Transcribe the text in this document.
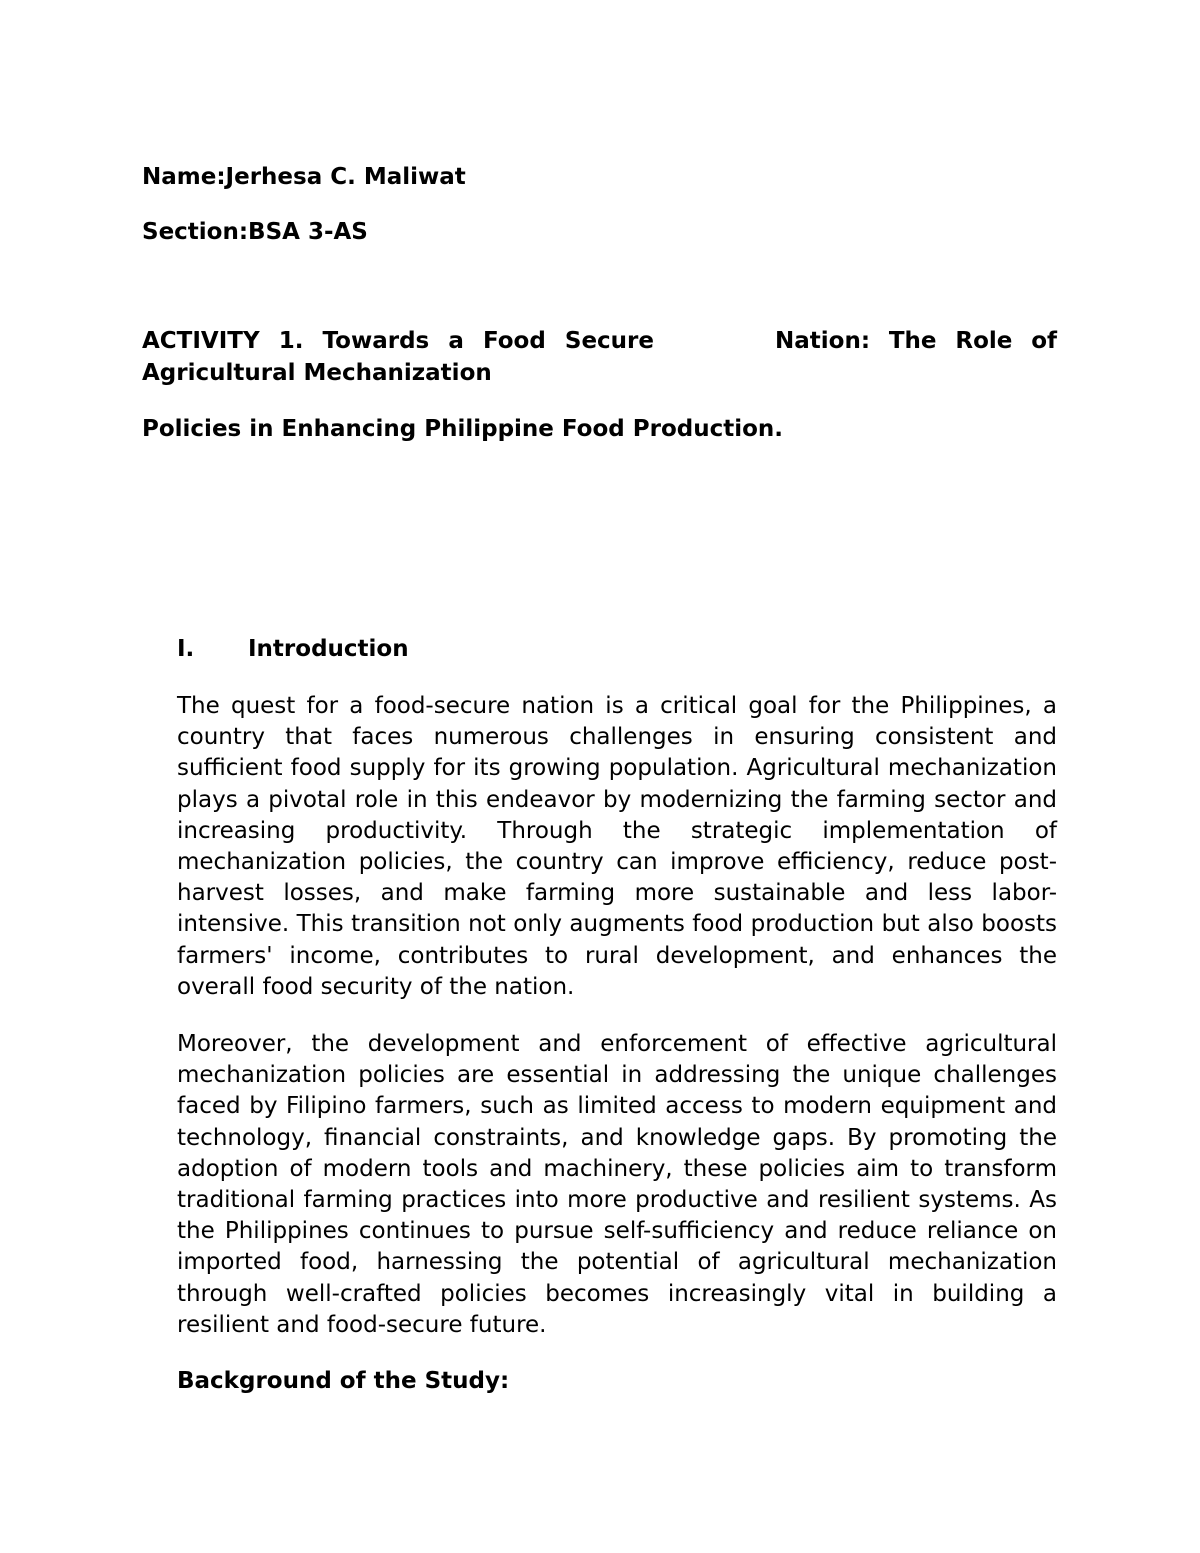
Name:Jerhesa C. Maliwat
Section:BSA 3-AS
ACTIVITY 1. Towards a Food Secure	Nation: The Role of
Agricultural Mechanization
Policies in Enhancing Philippine Food Production.
I. Introduction

The quest for a food-secure nation is a critical goal for the Philippines, a country that faces numerous challenges in ensuring consistent and sufficient food supply for its growing population. Agricultural mechanization plays a pivotal role in this endeavor by modernizing the farming sector and increasing productivity. Through the strategic implementation of mechanization policies, the country can improve efficiency, reduce post-harvest losses, and make farming more sustainable and less labor-intensive. This transition not only augments food production but also boosts farmers' income, contributes to rural development, and enhances the overall food security of the nation.

Moreover, the development and enforcement of effective agricultural mechanization policies are essential in addressing the unique challenges faced by Filipino farmers, such as limited access to modern equipment and technology, financial constraints, and knowledge gaps. By promoting the adoption of modern tools and machinery, these policies aim to transform traditional farming practices into more productive and resilient systems. As the Philippines continues to pursue self-sufficiency and reduce reliance on imported food, harnessing the potential of agricultural mechanization through well-crafted policies becomes increasingly vital in building a resilient and food-secure future.

Background of the Study:
